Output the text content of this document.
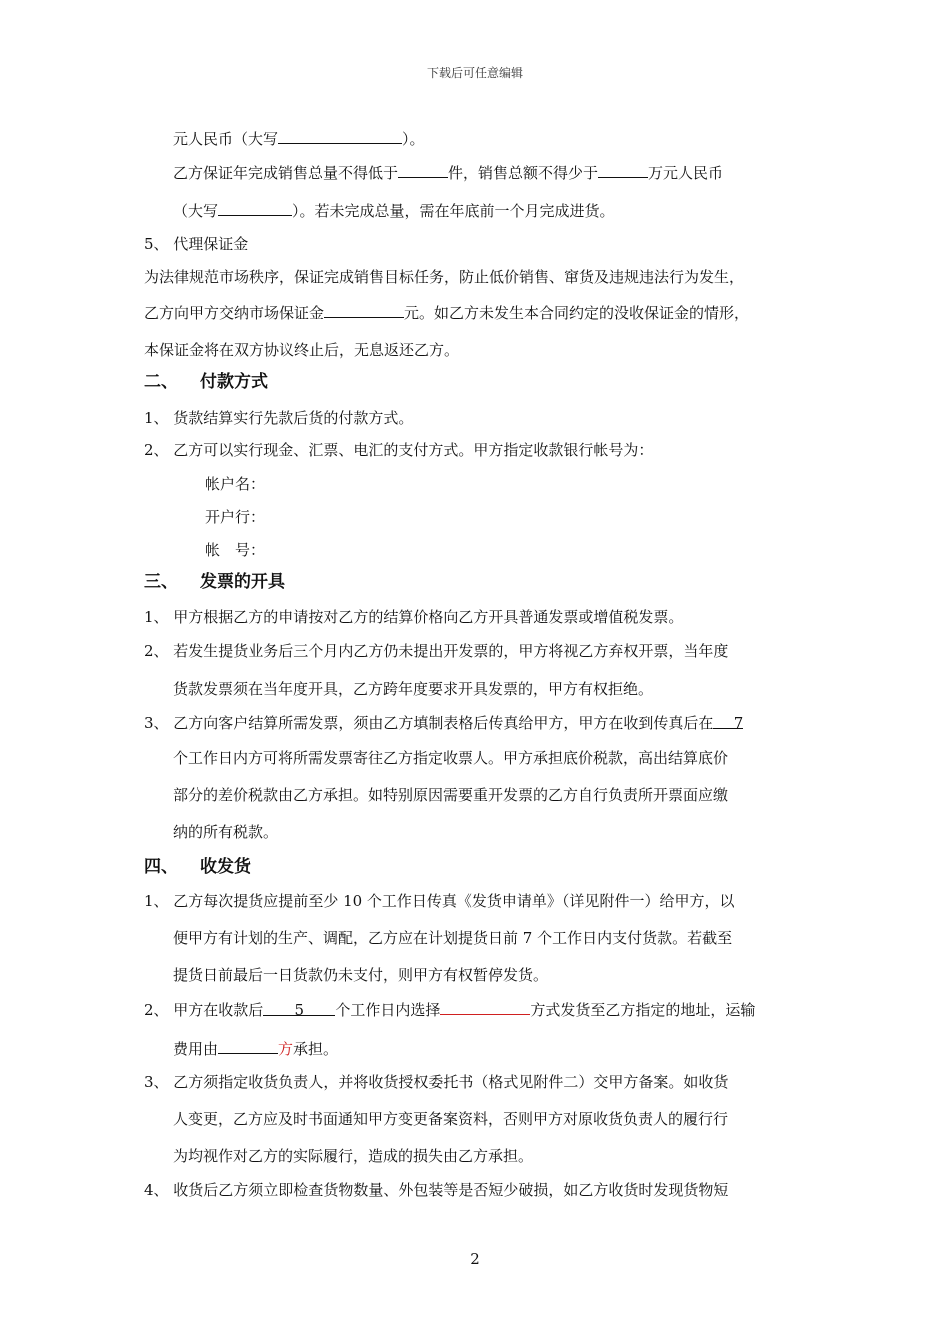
下载后可任意编辑
元人民币（大写	）。
乙方保证年完成销售总量不得低于	件，销售总额不得少于	万元人民币
（大写	）。若未完成总量，需在年底前一个月完成进货。
5、 代理保证金
为法律规范市场秩序，保证完成销售目标任务，防止低价销售、窜货及违规违法行为发生，
乙方向甲方交纳市场保证金	元。如乙方未发生本合同约定的没收保证金的情形，
本保证金将在双方协议终止后，无息返还乙方。
二、 付款方式
1、 货款结算实行先款后货的付款方式。
2、 乙方可以实行现金、汇票、电汇的支付方式。甲方指定收款银行帐号为：
帐户名：
开户行：
帐　号：
三、 发票的开具
1、 甲方根据乙方的申请按对乙方的结算价格向乙方开具普通发票或增值税发票。
2、 若发生提货业务后三个月内乙方仍未提出开发票的，甲方将视乙方弃权开票，当年度
货款发票须在当年度开具，乙方跨年度要求开具发票的，甲方有权拒绝。
3、 乙方向客户结算所需发票，须由乙方填制表格后传真给甲方，甲方在收到传真后在 7
个工作日内方可将所需发票寄往乙方指定收票人。甲方承担底价税款，高出结算底价
部分的差价税款由乙方承担。如特别原因需要重开发票的乙方自行负责所开票面应缴
纳的所有税款。
四、 收发货
1、 乙方每次提货应提前至少 10 个工作日传真《发货申请单》（详见附件一）给甲方，以
便甲方有计划的生产、调配，乙方应在计划提货日前 7 个工作日内支付货款。若截至
提货日前最后一日货款仍未支付，则甲方有权暂停发货。
2、 甲方在收款后 5 个工作日内选择	方式发货至乙方指定的地址，运输
费用由	方承担。
3、 乙方须指定收货负责人，并将收货授权委托书（格式见附件二）交甲方备案。如收货
人变更，乙方应及时书面通知甲方变更备案资料，否则甲方对原收货负责人的履行行
为均视作对乙方的实际履行，造成的损失由乙方承担。
4、 收货后乙方须立即检查货物数量、外包装等是否短少破损，如乙方收货时发现货物短
2
